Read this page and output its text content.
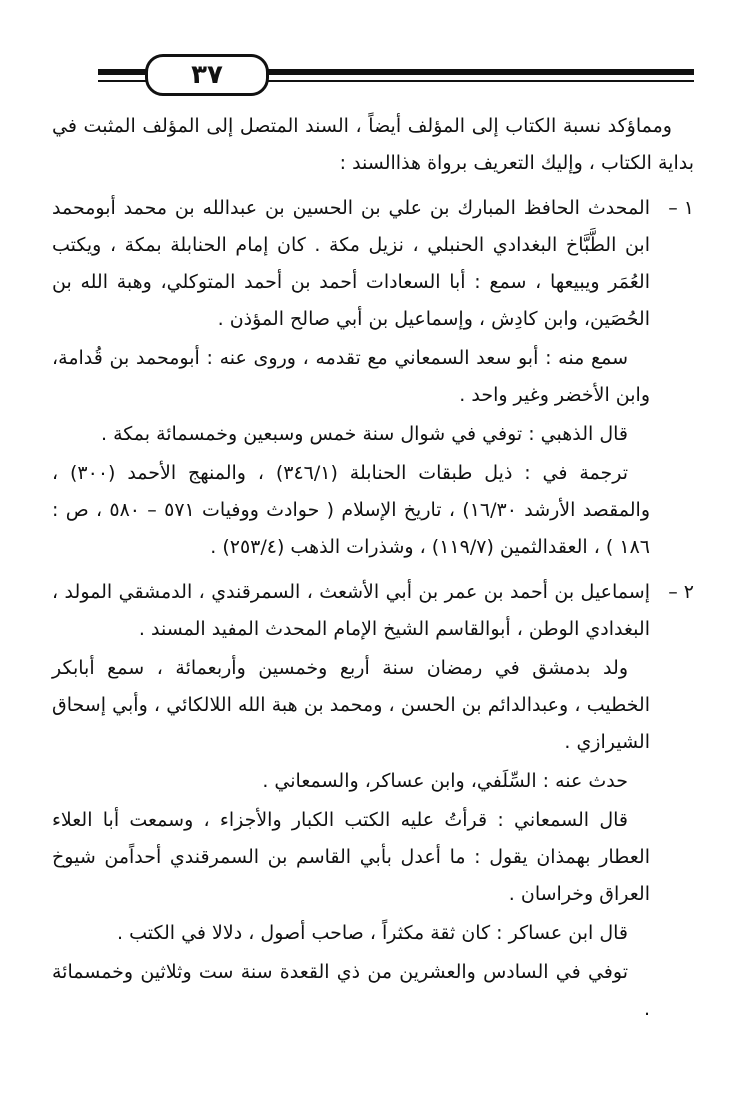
٣٧

ومماؤكد نسبة الكتاب إلى المؤلف أيضاً ، السند المتصل إلى المؤلف المثبت في بداية الكتاب ، وإليك التعريف برواة هذاالسند :

١ –

المحدث الحافظ المبارك بن علي بن الحسين بن عبدالله بن محمد أبومحمد ابن الطَّبَّاخ البغدادي الحنبلي ، نزيل مكة . كان إمام الحنابلة بمكة ، ويكتب العُمَر ويبيعها ، سمع : أبا السعادات أحمد بن أحمد المتوكلي، وهبة الله بن الحُصَين، وابن كادِش ، وإسماعيل بن أبي صالح المؤذن .

سمع منه : أبو سعد السمعاني مع تقدمه ، وروى عنه : أبومحمد بن قُدامة، وابن الأخضر وغير واحد .

قال الذهبي : توفي في شوال سنة خمس وسبعين وخمسمائة بمكة .

ترجمة في : ذيل طبقات الحنابلة (٣٤٦/١) ، والمنهج الأحمد (٣٠٠) ، والمقصد الأرشد ١٦/٣٠) ، تاريخ الإسلام ( حوادث ووفيات ٥٧١ – ٥٨٠ ، ص : ١٨٦ ) ، العقدالثمين (١١٩/٧) ، وشذرات الذهب (٢٥٣/٤) .

٢ –

إسماعيل بن أحمد بن عمر بن أبي الأشعث ، السمرقندي ، الدمشقي المولد ، البغدادي الوطن ، أبوالقاسم الشيخ الإمام المحدث المفيد المسند .

ولد بدمشق في رمضان سنة أربع وخمسين وأربعمائة ، سمع أبابكر الخطيب ، وعبدالدائم بن الحسن ، ومحمد بن هبة الله اللالكائي ، وأبي إسحاق الشيرازي .

حدث عنه : السِّلَفي، وابن عساكر، والسمعاني .

قال السمعاني : قرأتُ عليه الكتب الكبار والأجزاء ، وسمعت أبا العلاء العطار بهمذان يقول : ما أعدل بأبي القاسم بن السمرقندي أحداًمن شيوخ العراق وخراسان .

قال ابن عساكر : كان ثقة مكثراً ، صاحب أصول ، دلالا في الكتب .

توفي في السادس والعشرين من ذي القعدة سنة ست وثلاثين وخمسمائة .
